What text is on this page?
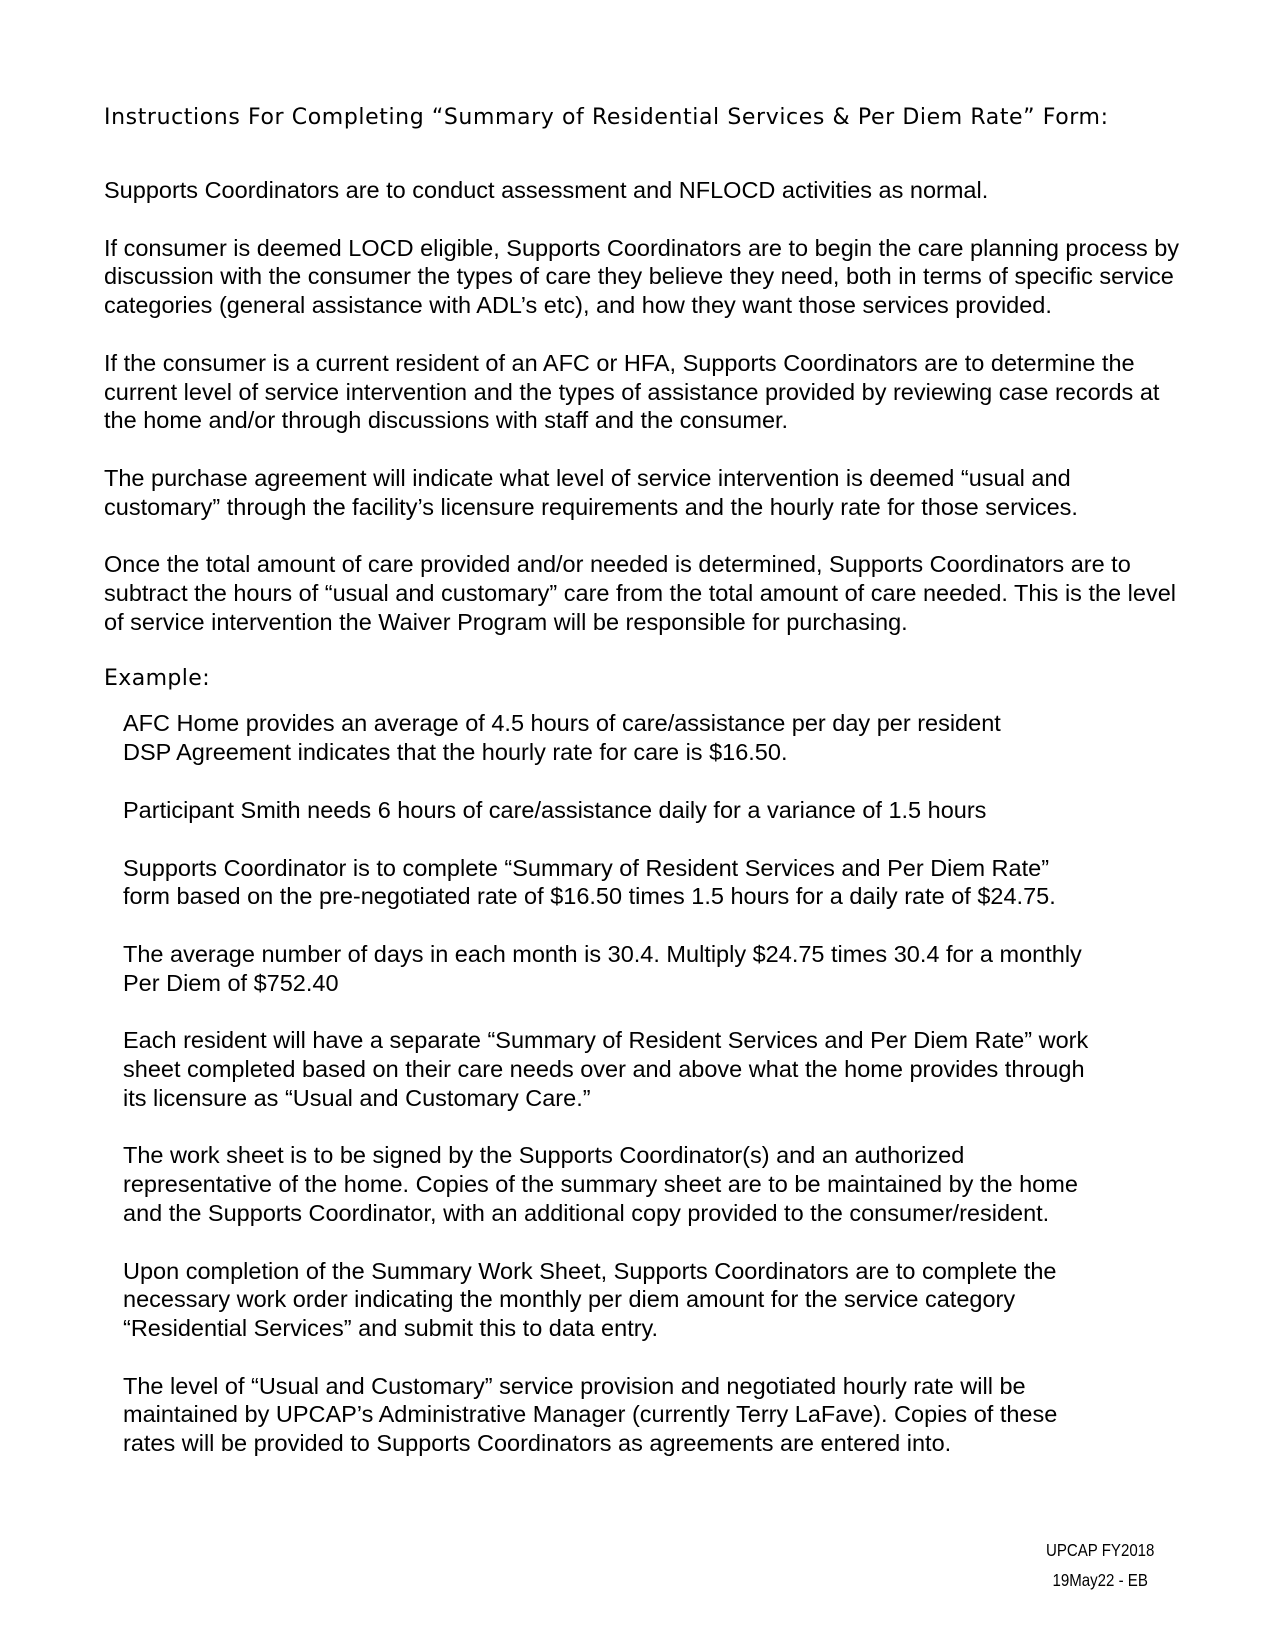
Instructions For Completing “Summary of Residential Services & Per Diem Rate” Form:

Supports Coordinators are to conduct assessment and NFLOCD activities as normal.

If consumer is deemed LOCD eligible, Supports Coordinators are to begin the care planning process by discussion with the consumer the types of care they believe they need, both in terms of specific service categories (general assistance with ADL’s etc), and how they want those services provided.

If the consumer is a current resident of an AFC or HFA, Supports Coordinators are to determine the current level of service intervention and the types of assistance provided by reviewing case records at the home and/or through discussions with staff and the consumer.

The purchase agreement will indicate what level of service intervention is deemed “usual and customary” through the facility’s licensure requirements and the hourly rate for those services.

Once the total amount of care provided and/or needed is determined, Supports Coordinators are to subtract the hours of “usual and customary” care from the total amount of care needed. This is the level of service intervention the Waiver Program will be responsible for purchasing.

Example:

AFC Home provides an average of 4.5 hours of care/assistance per day per resident
DSP Agreement indicates that the hourly rate for care is $16.50.

Participant Smith needs 6 hours of care/assistance daily for a variance of 1.5 hours

Supports Coordinator is to complete “Summary of Resident Services and Per Diem Rate”
form based on the pre-negotiated rate of $16.50 times 1.5 hours for a daily rate of $24.75.

The average number of days in each month is 30.4. Multiply $24.75 times 30.4 for a monthly
Per Diem of $752.40

Each resident will have a separate “Summary of Resident Services and Per Diem Rate” work
sheet completed based on their care needs over and above what the home provides through
its licensure as “Usual and Customary Care.”

The work sheet is to be signed by the Supports Coordinator(s) and an authorized
representative of the home. Copies of the summary sheet are to be maintained by the home
and the Supports Coordinator, with an additional copy provided to the consumer/resident.

Upon completion of the Summary Work Sheet, Supports Coordinators are to complete the
necessary work order indicating the monthly per diem amount for the service category
“Residential Services” and submit this to data entry.

The level of “Usual and Customary” service provision and negotiated hourly rate will be
maintained by UPCAP’s Administrative Manager (currently Terry LaFave). Copies of these
rates will be provided to Supports Coordinators as agreements are entered into.

UPCAP FY2018
19May22 - EB
